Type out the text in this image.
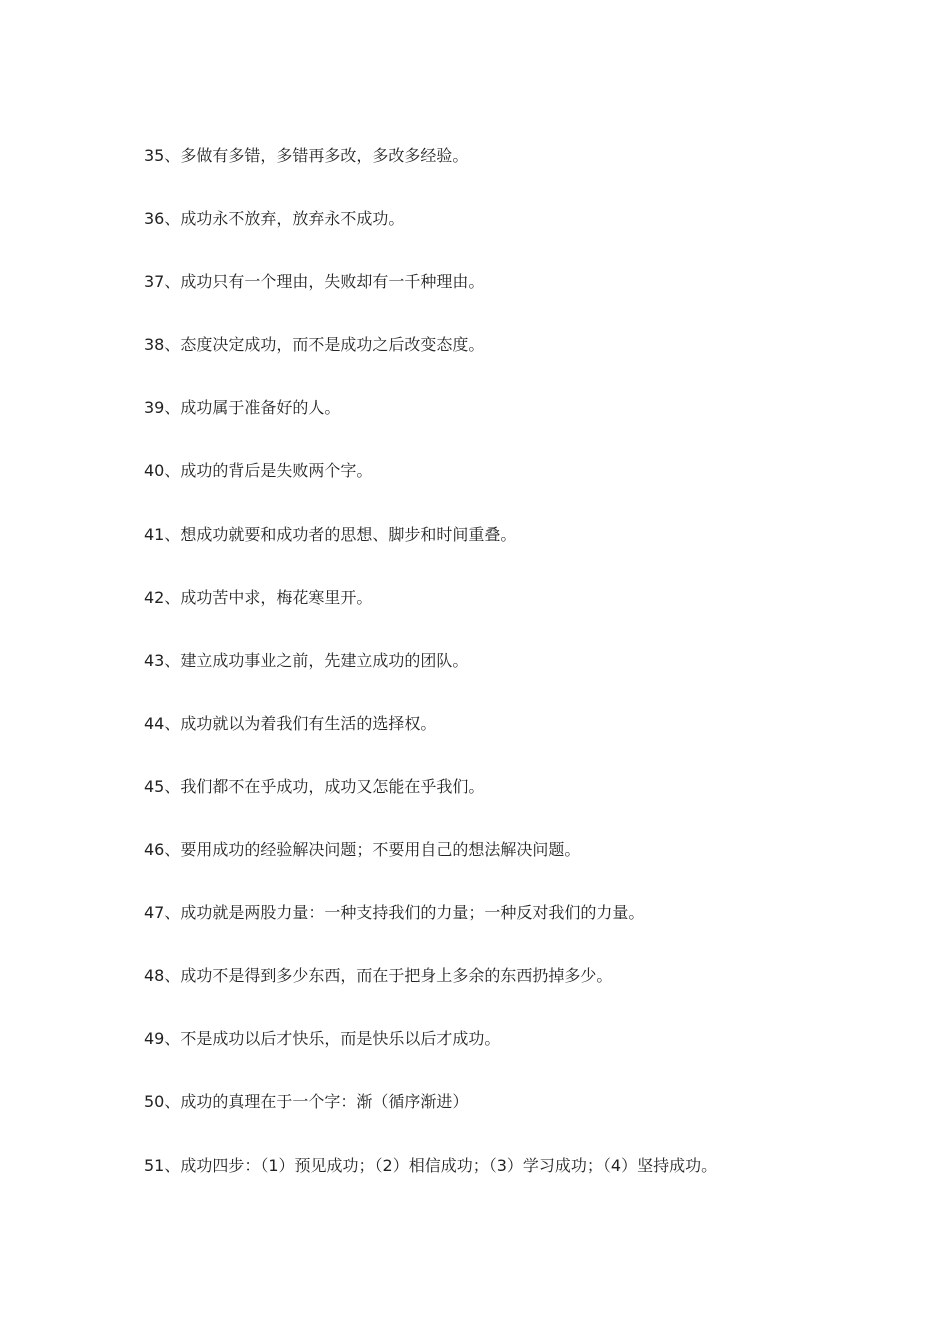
35、多做有多错，多错再多改，多改多经验。
36、成功永不放弃，放弃永不成功。
37、成功只有一个理由，失败却有一千种理由。
38、态度决定成功，而不是成功之后改变态度。
39、成功属于准备好的人。
40、成功的背后是失败两个字。
41、想成功就要和成功者的思想、脚步和时间重叠。
42、成功苦中求，梅花寒里开。
43、建立成功事业之前，先建立成功的团队。
44、成功就以为着我们有生活的选择权。
45、我们都不在乎成功，成功又怎能在乎我们。
46、要用成功的经验解决问题；不要用自己的想法解决问题。
47、成功就是两股力量：一种支持我们的力量；一种反对我们的力量。
48、成功不是得到多少东西，而在于把身上多余的东西扔掉多少。
49、不是成功以后才快乐，而是快乐以后才成功。
50、成功的真理在于一个字：渐（循序渐进）
51、成功四步：（1）预见成功；（2）相信成功；（3）学习成功；（4）坚持成功。
